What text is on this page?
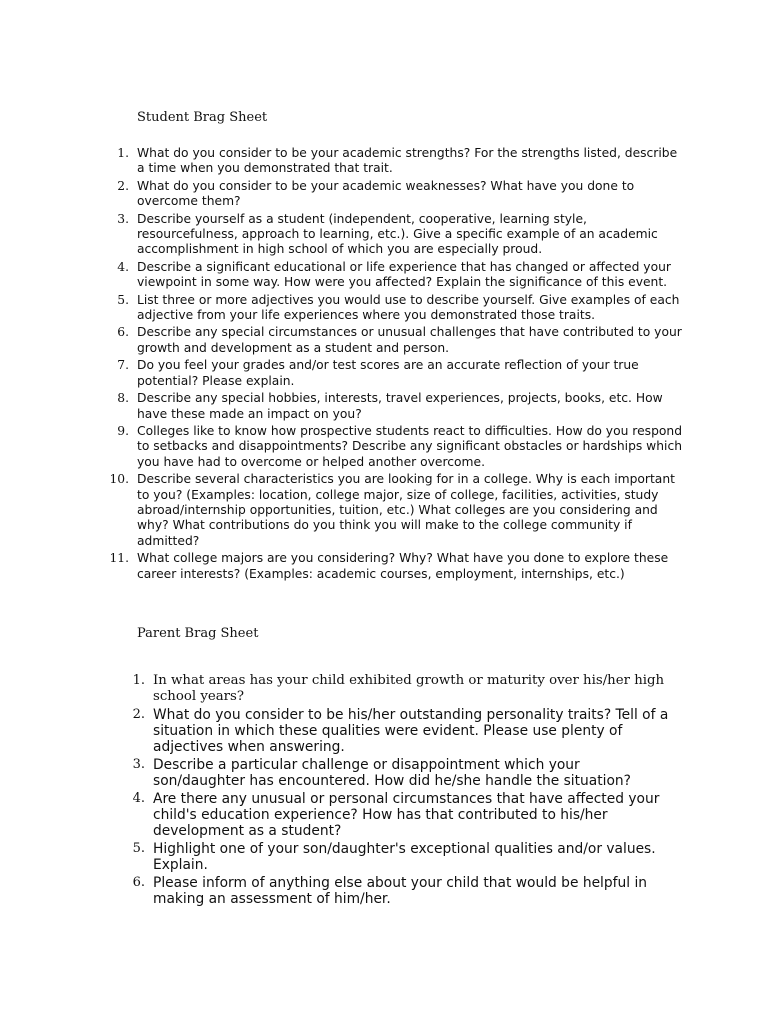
Student Brag Sheet
1. What do you consider to be your academic strengths? For the strengths listed, describe a time when you demonstrated that trait.
2. What do you consider to be your academic weaknesses? What have you done to overcome them?
3. Describe yourself as a student (independent, cooperative, learning style, resourcefulness, approach to learning, etc.). Give a specific example of an academic accomplishment in high school of which you are especially proud.
4. Describe a significant educational or life experience that has changed or affected your viewpoint in some way. How were you affected? Explain the significance of this event.
5. List three or more adjectives you would use to describe yourself. Give examples of each adjective from your life experiences where you demonstrated those traits.
6. Describe any special circumstances or unusual challenges that have contributed to your growth and development as a student and person.
7. Do you feel your grades and/or test scores are an accurate reflection of your true potential? Please explain.
8. Describe any special hobbies, interests, travel experiences, projects, books, etc. How have these made an impact on you?
9. Colleges like to know how prospective students react to difficulties. How do you respond to setbacks and disappointments? Describe any significant obstacles or hardships which you have had to overcome or helped another overcome.
10. Describe several characteristics you are looking for in a college. Why is each important to you? (Examples: location, college major, size of college, facilities, activities, study abroad/internship opportunities, tuition, etc.) What colleges are you considering and why? What contributions do you think you will make to the college community if admitted?
11. What college majors are you considering? Why? What have you done to explore these career interests? (Examples: academic courses, employment, internships, etc.)
Parent Brag Sheet
1. In what areas has your child exhibited growth or maturity over his/her high school years?
2. What do you consider to be his/her outstanding personality traits? Tell of a situation in which these qualities were evident. Please use plenty of adjectives when answering.
3. Describe a particular challenge or disappointment which your son/daughter has encountered. How did he/she handle the situation?
4. Are there any unusual or personal circumstances that have affected your child's education experience? How has that contributed to his/her development as a student?
5. Highlight one of your son/daughter's exceptional qualities and/or values. Explain.
6. Please inform of anything else about your child that would be helpful in making an assessment of him/her.
